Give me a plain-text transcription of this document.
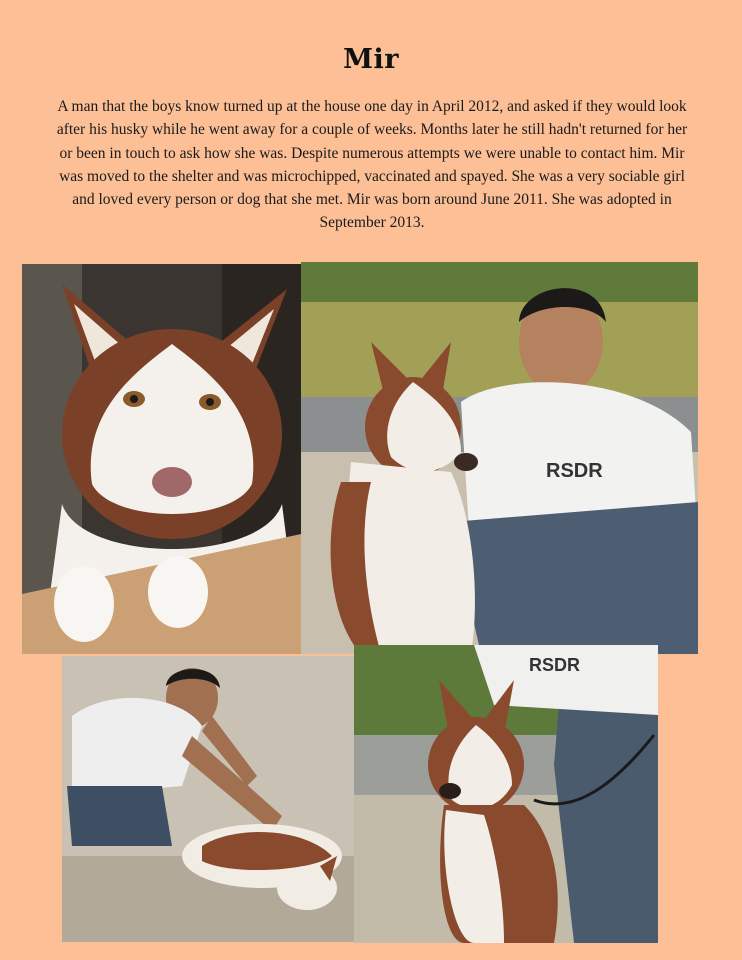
Mir

A man that the boys know turned up at the house one day in April 2012, and asked if they would look after his husky while he went away for a couple of weeks. Months later he still hadn't returned for her or been in touch to ask how she was. Despite numerous attempts we were unable to contact him. Mir was moved to the shelter and was microchipped, vaccinated and spayed. She was a very sociable girl and loved every person or dog that she met. Mir was born around June 2011. She was adopted in September 2013.

RSDR
RSDR
